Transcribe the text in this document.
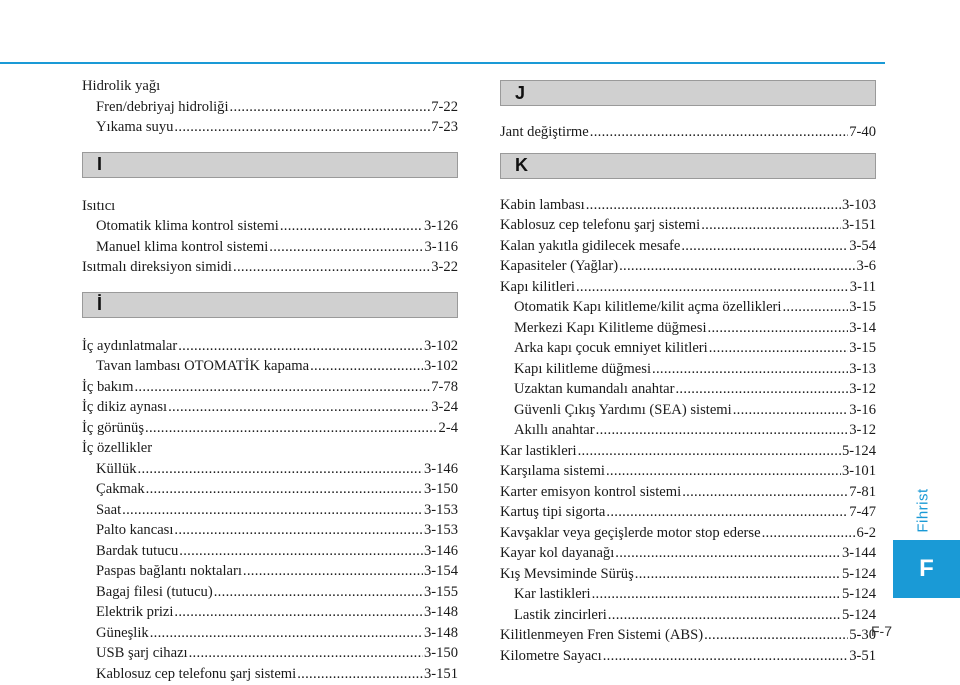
Hidrolik yağı
Fren/debriyaj hidroliği .....	7-22
Yıkama suyu .....	7-23
I
Isıtıcı
Otomatik klima kontrol sistemi .....	3-126
Manuel klima kontrol sistemi .....	3-116
Isıtmalı direksiyon simidi .....	3-22
İ
İç aydınlatmalar .....	3-102
Tavan lambası OTOMATİK kapama .....	3-102
İç bakım .....	7-78
İç dikiz aynası .....	3-24
İç görünüş .....	2-4
İç özellikler
Küllük .....	3-146
Çakmak .....	3-150
Saat .....	3-153
Palto kancası .....	3-153
Bardak tutucu .....	3-146
Paspas bağlantı noktaları .....	3-154
Bagaj filesi (tutucu) .....	3-155
Elektrik prizi .....	3-148
Güneşlik .....	3-148
USB şarj cihazı .....	3-150
Kablosuz cep telefonu şarj sistemi .....	3-151
J
Jant değiştirme .....	7-40
K
Kabin lambası .....	3-103
Kablosuz cep telefonu şarj sistemi .....	3-151
Kalan yakıtla gidilecek mesafe .....	3-54
Kapasiteler (Yağlar) .....	3-6
Kapı kilitleri .....	3-11
Otomatik Kapı kilitleme/kilit açma özellikleri .....	3-15
Merkezi Kapı Kilitleme düğmesi .....	3-14
Arka kapı çocuk emniyet kilitleri .....	3-15
Kapı kilitleme düğmesi .....	3-13
Uzaktan kumandalı anahtar .....	3-12
Güvenli Çıkış Yardımı (SEA) sistemi .....	3-16
Akıllı anahtar .....	3-12
Kar lastikleri .....	5-124
Karşılama sistemi .....	3-101
Karter emisyon kontrol sistemi .....	7-81
Kartuş tipi sigorta .....	7-47
Kavşaklar veya geçişlerde motor stop ederse .....	6-2
Kayar kol dayanağı .....	3-144
Kış Mevsiminde Sürüş .....	5-124
Kar lastikleri .....	5-124
Lastik zincirleri .....	5-124
Kilitlenmeyen Fren Sistemi (ABS) .....	5-30
Kilometre Sayacı .....	3-51
Fihrist
F
F-7
